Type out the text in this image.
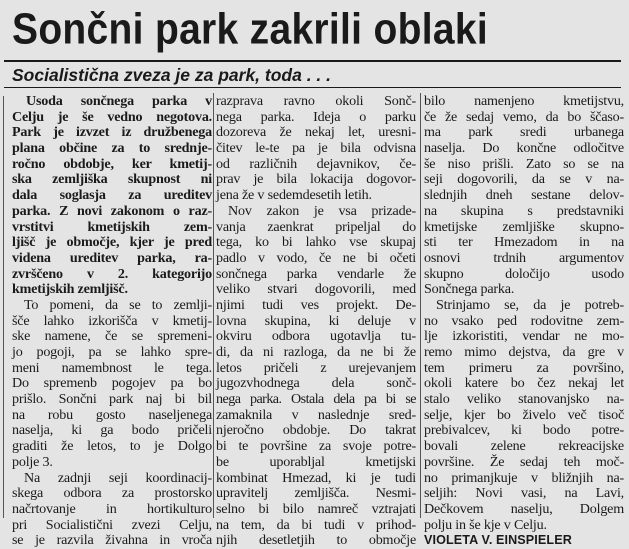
Sončni park zakrili oblaki
Socialistična zveza je za park, toda . . .
Usoda sončnega parka v
Celju je še vedno negotova.
Park je izvzet iz družbenega
plana občine za to srednje-
ročno obdobje, ker kmetij-
ska zemljiška skupnost ni
dala soglasja za ureditev
parka. Z novi zakonom o raz-
vrstitvi kmetijskih zem-
ljišč je območje, kjer je pred
videna ureditev parka, ra-
zvrščeno v 2. kategorijo
kmetijskih zemljišč.
To pomeni, da se to zemlji-
šče lahko izkorišča v kmetij-
ske namene, če se spremeni-
jo pogoji, pa se lahko spre-
meni namembnost le tega.
Do spremenb pogojev pa bo
prišlo. Sončni park naj bi bil
na robu gosto naseljenega
naselja, ki ga bodo pričeli
graditi že letos, to je Dolgo
polje 3.
Na zadnji seji koordinacij-
skega odbora za prostorsko
načrtovanje in hortikulturo
pri Socialistični zvezi Celju,
se je razvila živahna in vroča
razprava ravno okoli Sonč-
nega parka. Ideja o parku
dozoreva že nekaj let, uresni-
čitev le-te pa je bila odvisna
od različnih dejavnikov, če-
prav je bila lokacija dogovor-
jena že v sedemdesetih letih.
Nov zakon je vsa prizade-
vanja zaenkrat pripeljal do
tega, ko bi lahko vse skupaj
padlo v vodo, če ne bi očeti
sončnega parka vendarle že
veliko stvari dogovorili, med
njimi tudi ves projekt. De-
lovna skupina, ki deluje v
okviru odbora ugotavlja tu-
di, da ni razloga, da ne bi že
letos pričeli z urejevanjem
jugozvhodnega dela sonč-
nega parka. Ostala dela pa bi se
zamaknila v naslednje sred-
njeročno obdobje. Do takrat
bi te površine za svoje potre-
be uporabljal kmetijski
kombinat Hmezad, ki je tudi
upravitelj zemljišča. Nesmi-
selno bi bilo namreč vztrajati
na tem, da bi tudi v prihod-
njih desetletjih to območje
bilo namenjeno kmetijstvu,
če že sedaj vemo, da bo ščaso-
ma park sredi urbanega
naselja. Do končne odločitve
še niso prišli. Zato so se na
seji dogovorili, da se v na-
slednjih dneh sestane delov-
na skupina s predstavniki
kmetijske zemljiške skupno-
sti ter Hmezadom in na
osnovi trdnih argumentov
skupno določijo usodo
Sončnega parka.
Strinjamo se, da je potreb-
no vsako ped rodovitne zem-
lje izkoristiti, vendar ne mo-
remo mimo dejstva, da gre v
tem primeru za površino,
okoli katere bo čez nekaj let
stalo veliko stanovanjsko na-
selje, kjer bo živelo več tisoč
prebivalcev, ki bodo potre-
bovali zelene rekreacijske
površine. Že sedaj teh moč-
no primanjkuje v bližnjih na-
seljih: Novi vasi, na Lavi,
Dečkovem naselju, Dolgem
polju in še kje v Celju.
VIOLETA V. EINSPIELER
